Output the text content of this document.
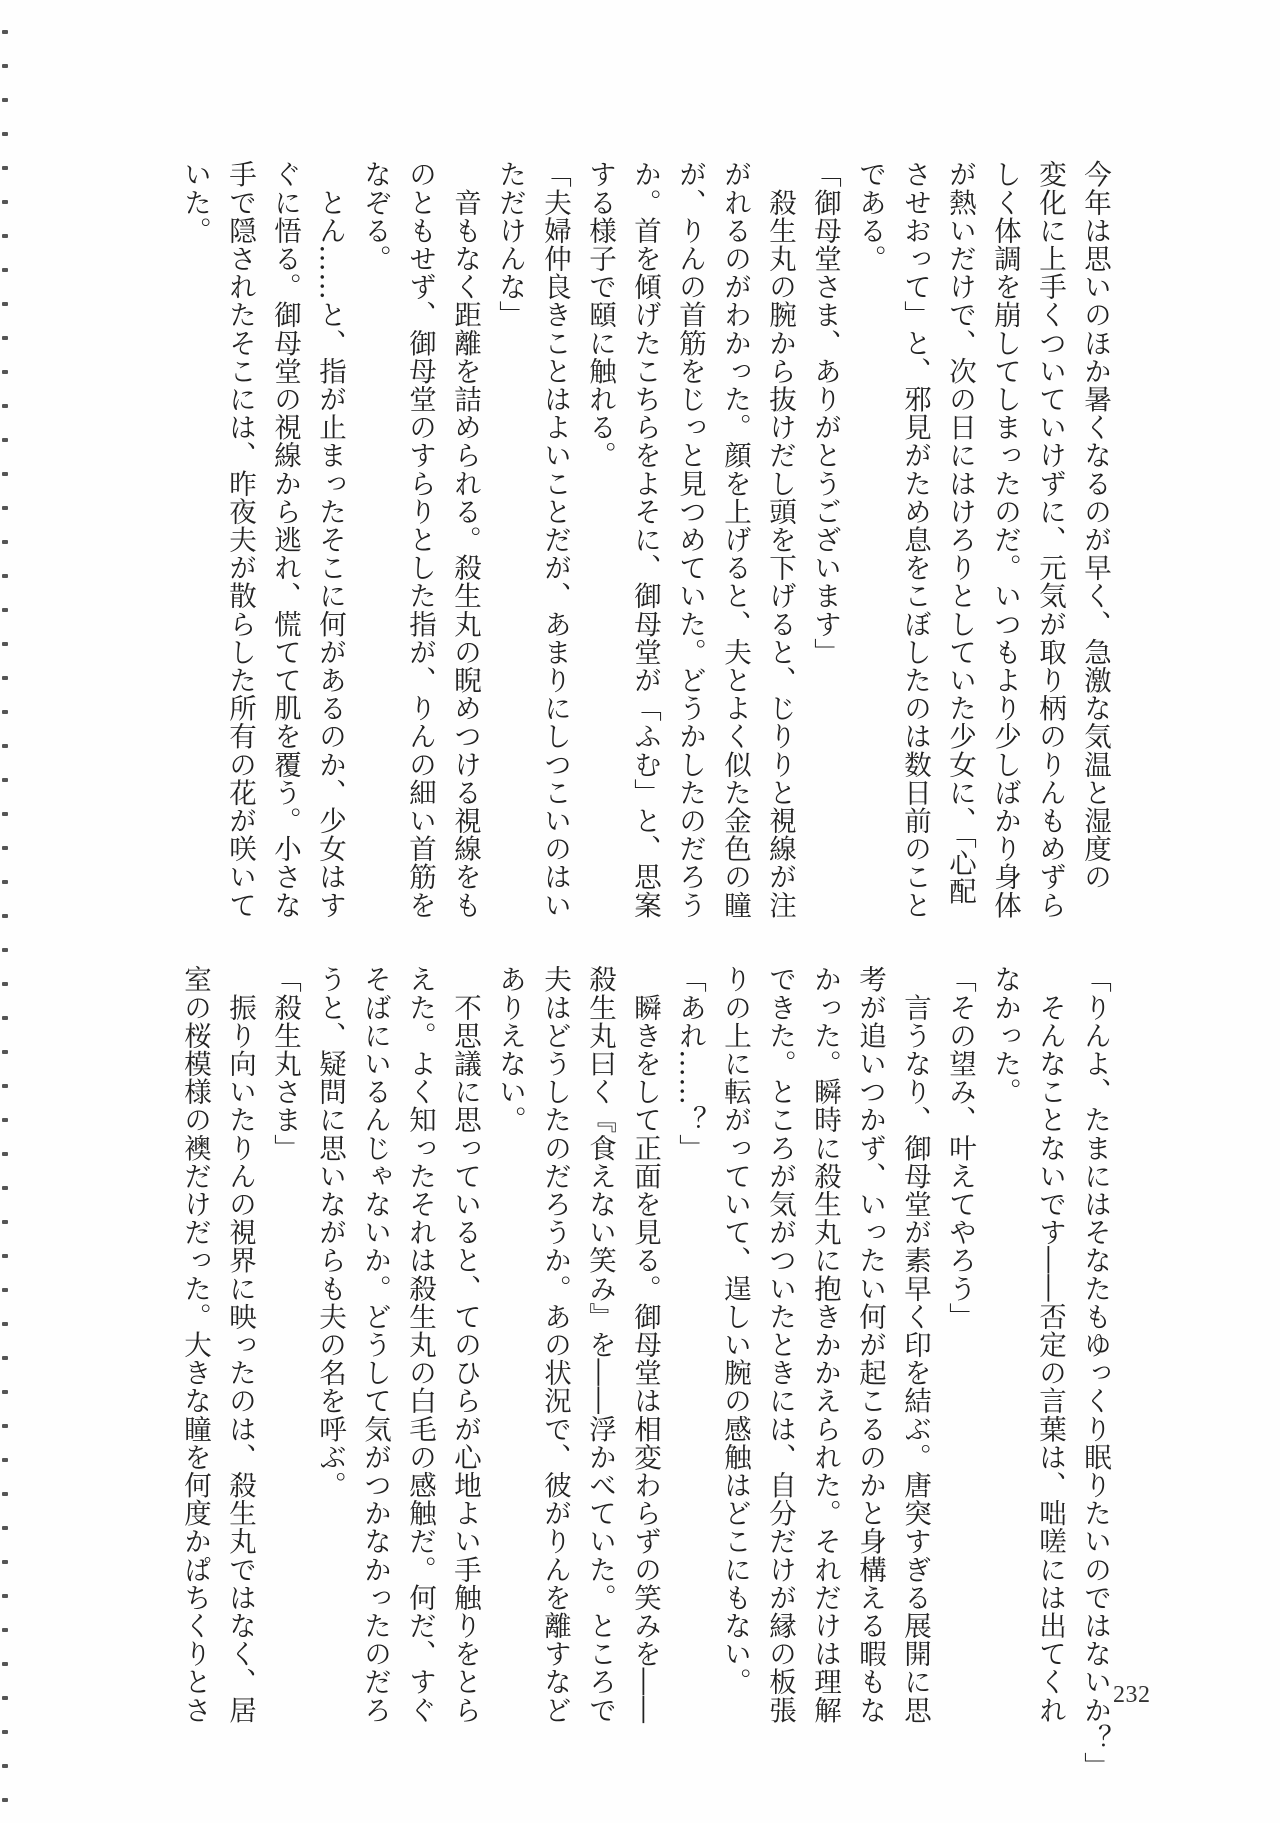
今年は思いのほか暑くなるのが早く、急激な気温と湿度の
変化に上手くついていけずに、元気が取り柄のりんもめずら
しく体調を崩してしまったのだ。いつもより少しばかり身体
が熱いだけで、次の日にはけろりとしていた少女に、「心配
させおって」と、邪見がため息をこぼしたのは数日前のこと
である。
「御母堂さま、ありがとうございます」
　殺生丸の腕から抜けだし頭を下げると、じりりと視線が注
がれるのがわかった。顔を上げると、夫とよく似た金色の瞳
が、りんの首筋をじっと見つめていた。どうかしたのだろう
か。首を傾げたこちらをよそに、御母堂が「ふむ」と、思案
する様子で頤に触れる。
「夫婦仲良きことはよいことだが、あまりにしつこいのはい
ただけんな」
　音もなく距離を詰められる。殺生丸の睨めつける視線をも
のともせず、御母堂のすらりとした指が、りんの細い首筋を
なぞる。
　とん……と、指が止まったそこに何があるのか、少女はす
ぐに悟る。御母堂の視線から逃れ、慌てて肌を覆う。小さな
手で隠されたそこには、昨夜夫が散らした所有の花が咲いて
いた。
「りんよ、たまにはそなたもゆっくり眠りたいのではないか？」
　そんなことないです――否定の言葉は、咄嗟には出てくれ
なかった。
「その望み、叶えてやろう」
　言うなり、御母堂が素早く印を結ぶ。唐突すぎる展開に思
考が追いつかず、いったい何が起こるのかと身構える暇もな
かった。瞬時に殺生丸に抱きかかえられた。それだけは理解
できた。ところが気がついたときには、自分だけが縁の板張
りの上に転がっていて、逞しい腕の感触はどこにもない。
「あれ……？」
　瞬きをして正面を見る。御母堂は相変わらずの笑みを――
殺生丸曰く『食えない笑み』を――浮かべていた。ところで
夫はどうしたのだろうか。あの状況で、彼がりんを離すなど
ありえない。
　不思議に思っていると、てのひらが心地よい手触りをとら
えた。よく知ったそれは殺生丸の白毛の感触だ。何だ、すぐ
そばにいるんじゃないか。どうして気がつかなかったのだろ
うと、疑問に思いながらも夫の名を呼ぶ。
「殺生丸さま」
　振り向いたりんの視界に映ったのは、殺生丸ではなく、居
室の桜模様の襖だけだった。大きな瞳を何度かぱちくりとさ	232
